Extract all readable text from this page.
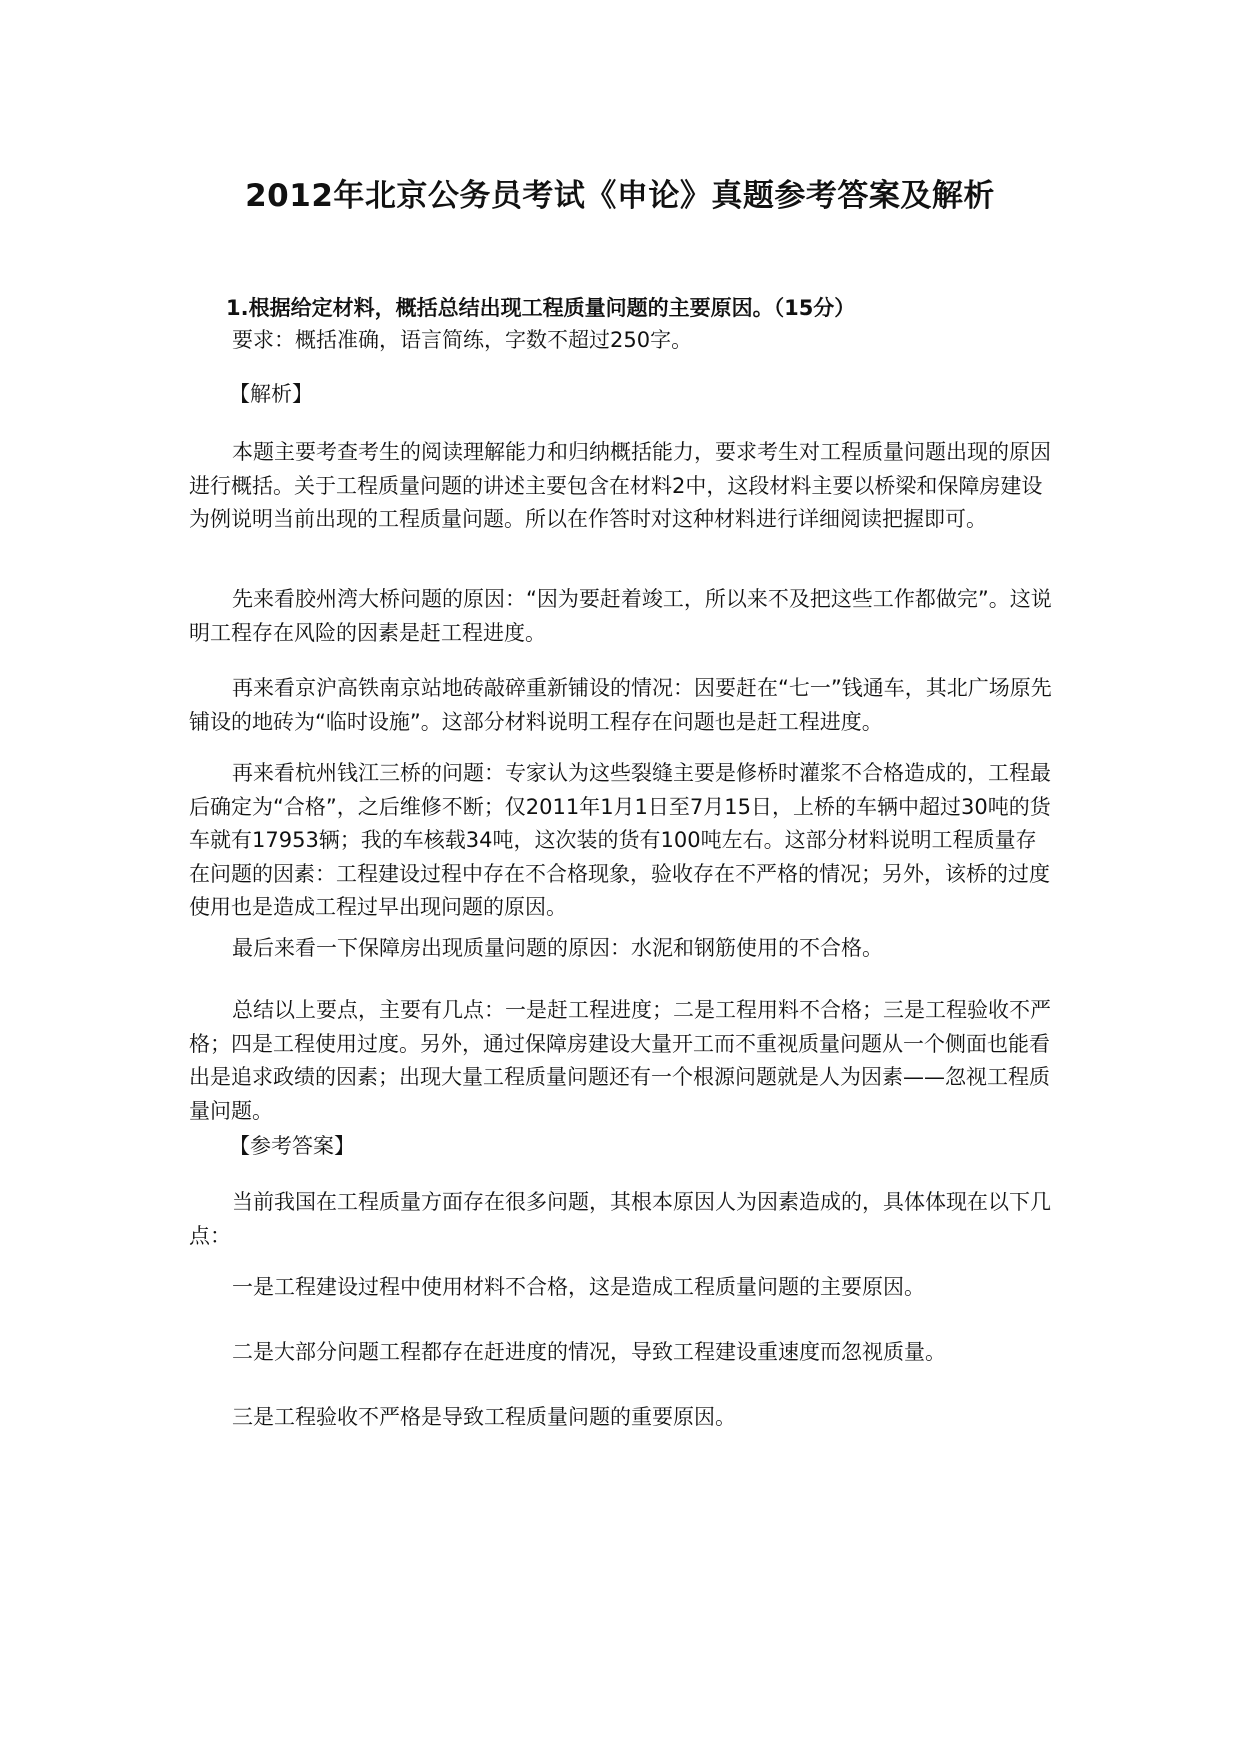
2012年北京公务员考试《申论》真题参考答案及解析
1.根据给定材料，概括总结出现工程质量问题的主要原因。（15分）
要求：概括准确，语言简练，字数不超过250字。
【解析】
本题主要考查考生的阅读理解能力和归纳概括能力，要求考生对工程质量问题出现的原因进行概括。关于工程质量问题的讲述主要包含在材料2中，这段材料主要以桥梁和保障房建设为例说明当前出现的工程质量问题。所以在作答时对这种材料进行详细阅读把握即可。
先来看胶州湾大桥问题的原因：“因为要赶着竣工，所以来不及把这些工作都做完”。这说明工程存在风险的因素是赶工程进度。
再来看京沪高铁南京站地砖敲碎重新铺设的情况：因要赶在“七一”钱通车，其北广场原先铺设的地砖为“临时设施”。这部分材料说明工程存在问题也是赶工程进度。
再来看杭州钱江三桥的问题：专家认为这些裂缝主要是修桥时灌浆不合格造成的，工程最后确定为“合格”，之后维修不断；仅2011年1月1日至7月15日，上桥的车辆中超过30吨的货车就有17953辆；我的车核载34吨，这次装的货有100吨左右。这部分材料说明工程质量存在问题的因素：工程建设过程中存在不合格现象，验收存在不严格的情况；另外，该桥的过度使用也是造成工程过早出现问题的原因。
最后来看一下保障房出现质量问题的原因：水泥和钢筋使用的不合格。
总结以上要点，主要有几点：一是赶工程进度；二是工程用料不合格；三是工程验收不严格；四是工程使用过度。另外，通过保障房建设大量开工而不重视质量问题从一个侧面也能看出是追求政绩的因素；出现大量工程质量问题还有一个根源问题就是人为因素——忽视工程质量问题。
【参考答案】
当前我国在工程质量方面存在很多问题，其根本原因人为因素造成的，具体体现在以下几点：
一是工程建设过程中使用材料不合格，这是造成工程质量问题的主要原因。
二是大部分问题工程都存在赶进度的情况，导致工程建设重速度而忽视质量。
三是工程验收不严格是导致工程质量问题的重要原因。
